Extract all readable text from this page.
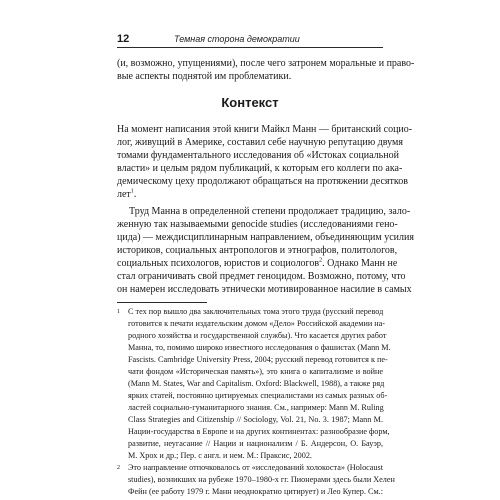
12	Темная сторона демократии
(и, возможно, упущениями), после чего затронем моральные и право-
вые аспекты поднятой им проблематики.
Контекст
На момент написания этой книги Майкл Манн — британский социо-
лог, живущий в Америке, составил себе научную репутацию двумя
томами фундаментального исследования об «Истоках социальной
власти» и целым рядом публикаций, к которым его коллеги по ака-
демическому цеху продолжают обращаться на протяжении десятков
лет$^1$.
Труд Манна в определенной степени продолжает традицию, зало-
женную так называемыми genocide studies (исследованиями гено-
цида) — междисциплинарным направлением, объединяющим усилия
историков, социальных антропологов и этнографов, политологов,
социальных психологов, юристов и социологов$^2$. Однако Манн не
стал ограничивать свой предмет геноцидом. Возможно, потому, что
он намерен исследовать этнически мотивированное насилие в самых
1 С тех пор вышло два заключительных тома этого труда (русский перевод
готовится к печати издательским домом «Дело» Российской академии на-
родного хозяйства и государственной службы). Что касается других работ
Манна, то, помимо широко известного исследования о фашистах (Mann M.
Fascists. Cambridge University Press, 2004; русский перевод готовится к пе-
чати фондом «Историческая память»), это книга о капитализме и войне
(Mann M. States, War and Capitalism. Oxford: Blackwell, 1988), а также ряд
ярких статей, постоянно цитируемых специалистами из самых разных об-
ластей социально-гуманитарного знания. См., например: Mann M. Ruling
Class Strategies and Citizenship // Sociology, Vol. 21, No. 3. 1987; Mann M.
Нации-государства в Европе и на других континентах: разнообразие форм,
развитие, неугасание // Нации и национализм / Б. Андерсон, О. Бауэр,
М. Хрох и др.; Пер. с англ. и нем. М.: Праксис, 2002.
2 Это направление отпочковалось от «исследований холокоста» (Holocaust
studies), возникших на рубеже 1970–1980-х гг. Пионерами здесь были Хелен
Фейн (ее работу 1979 г. Манн неоднократно цитирует) и Лео Купер. См.:
